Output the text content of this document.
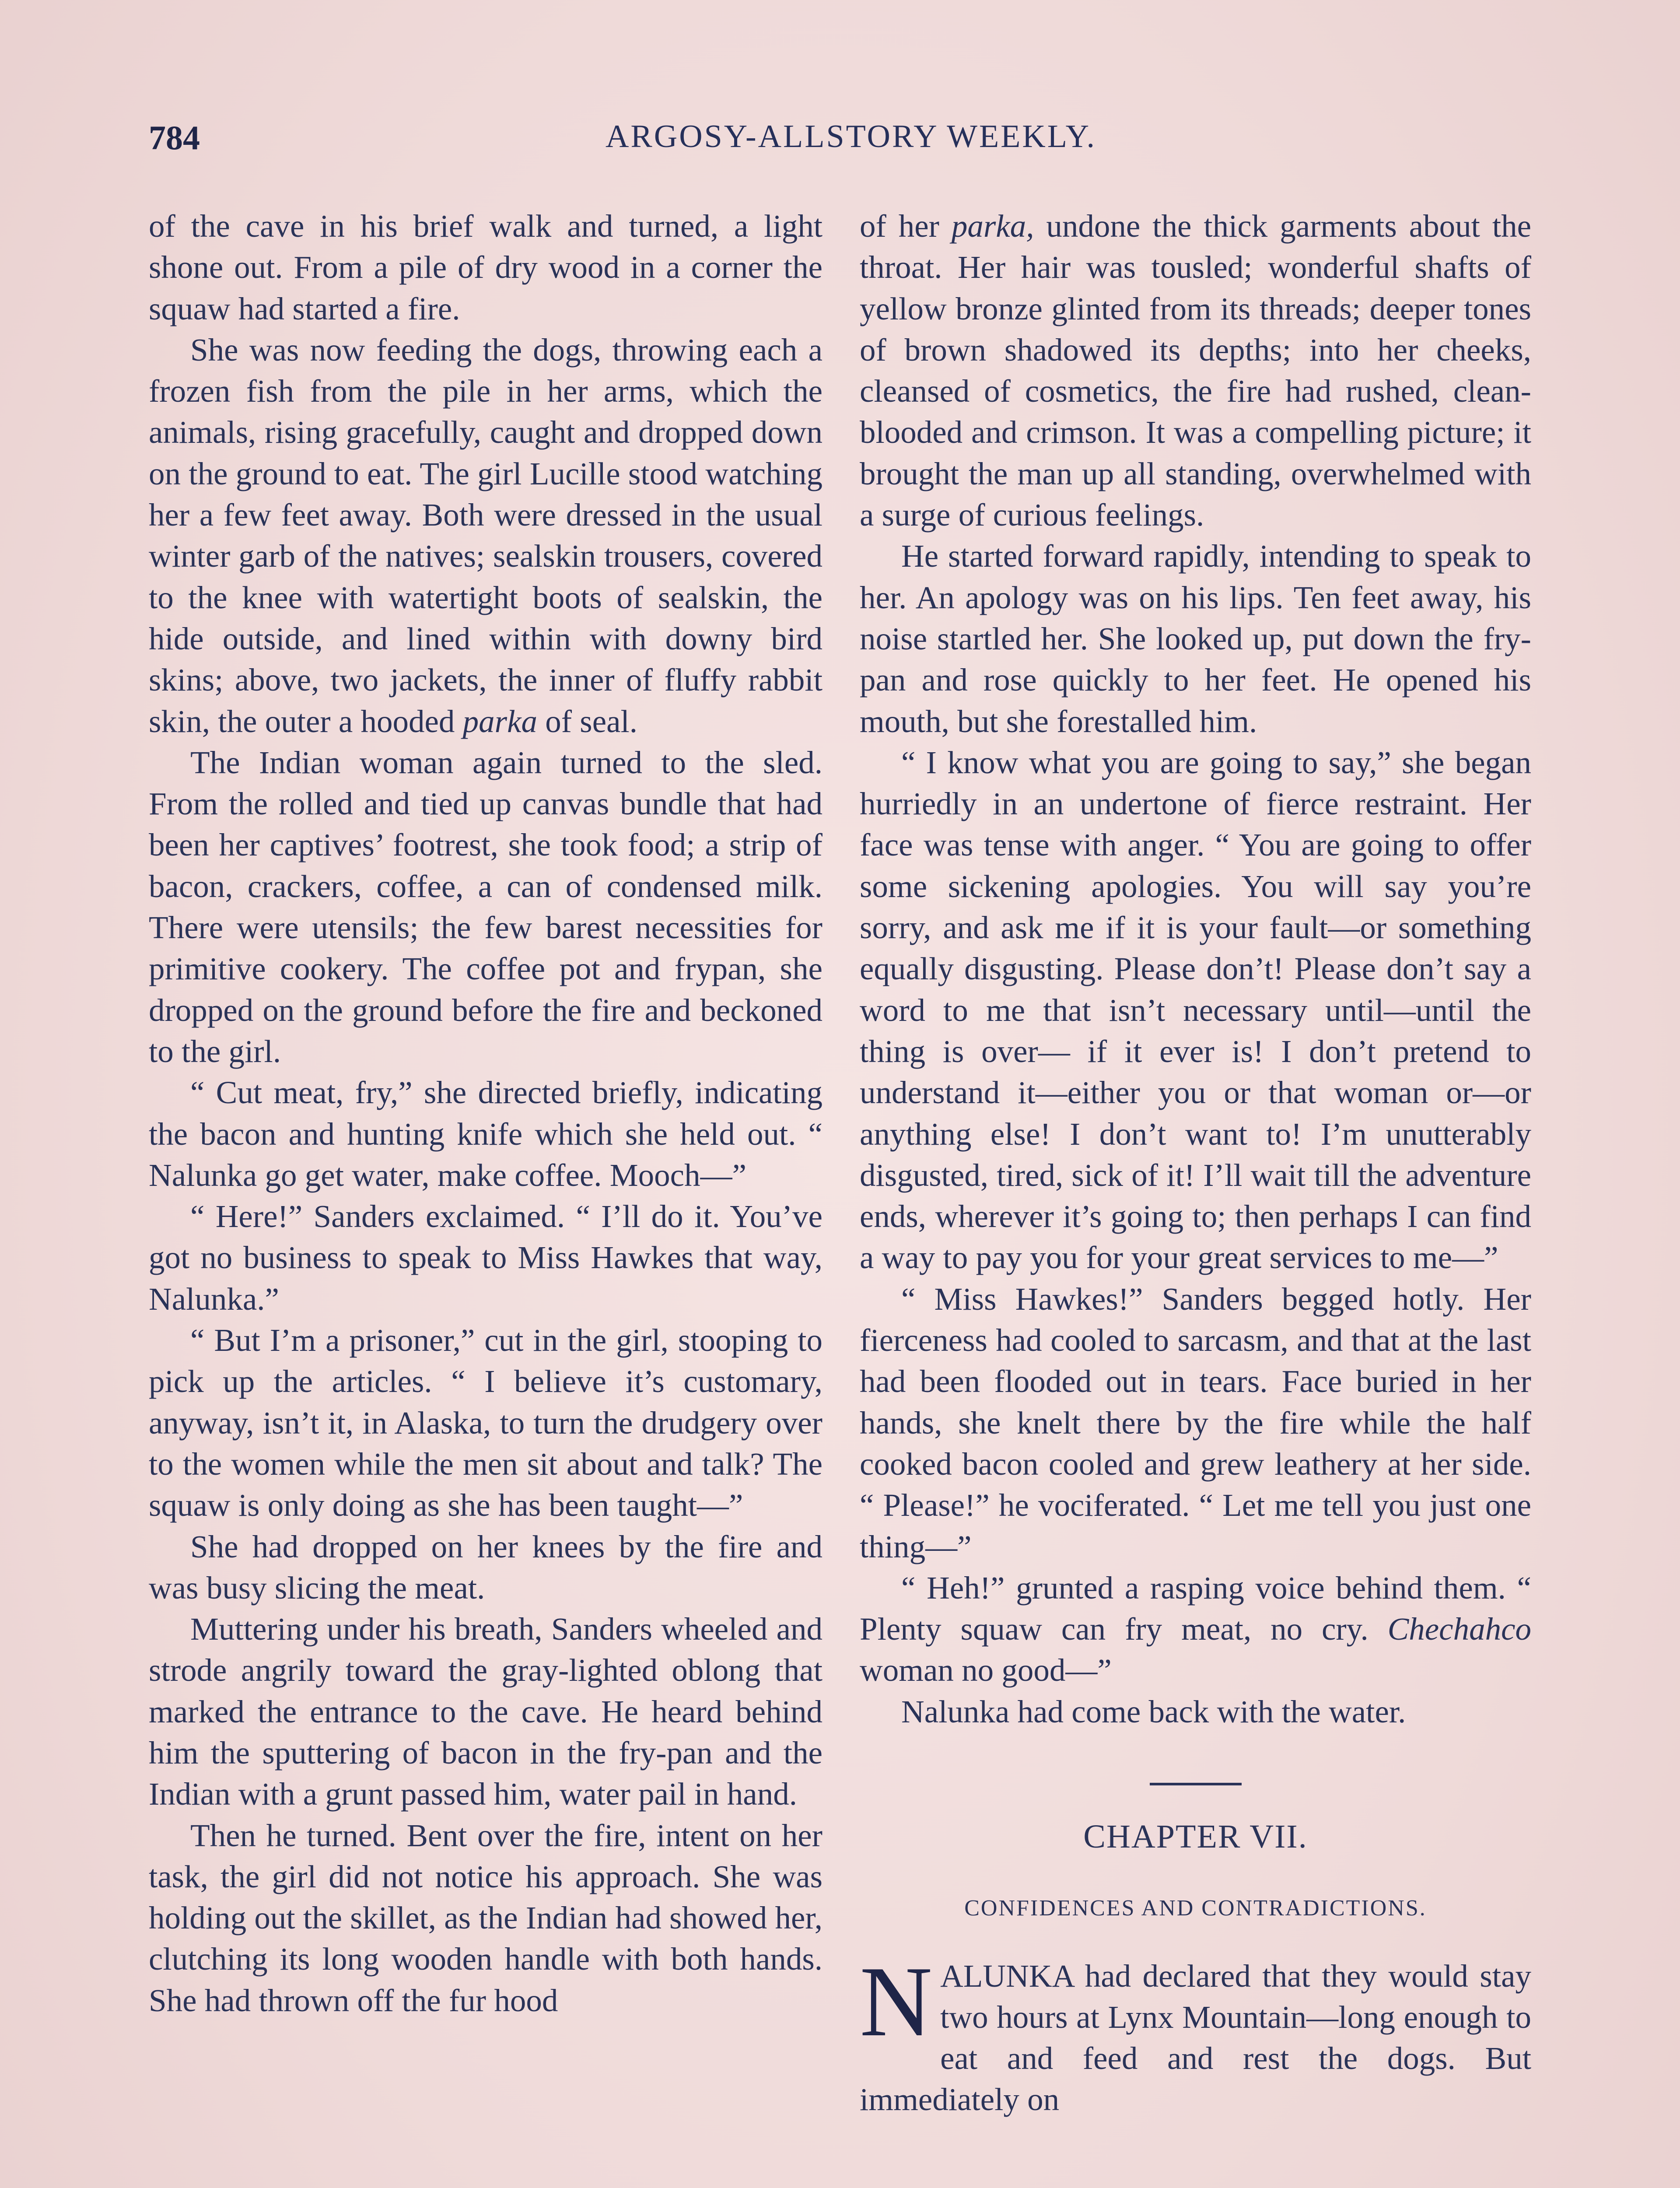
784	ARGOSY-ALLSTORY WEEKLY.

of the cave in his brief walk and turned, a light shone out. From a pile of dry wood in a corner the squaw had started a fire.

She was now feeding the dogs, throwing each a frozen fish from the pile in her arms, which the animals, rising gracefully, caught and dropped down on the ground to eat. The girl Lucille stood watching her a few feet away. Both were dressed in the usual winter garb of the natives; sealskin trousers, covered to the knee with watertight boots of sealskin, the hide outside, and lined within with downy bird skins; above, two jackets, the inner of fluffy rabbit skin, the outer a hooded parka of seal.

The Indian woman again turned to the sled. From the rolled and tied up canvas bundle that had been her captives’ footrest, she took food; a strip of bacon, crackers, coffee, a can of condensed milk. There were utensils; the few barest necessities for primitive cookery. The coffee pot and frypan, she dropped on the ground before the fire and beckoned to the girl.

“ Cut meat, fry,” she directed briefly, indicating the bacon and hunting knife which she held out. “ Nalunka go get water, make coffee. Mooch—”

“ Here!” Sanders exclaimed. “ I’ll do it. You’ve got no business to speak to Miss Hawkes that way, Nalunka.”

“ But I’m a prisoner,” cut in the girl, stooping to pick up the articles. “ I believe it’s customary, anyway, isn’t it, in Alaska, to turn the drudgery over to the women while the men sit about and talk? The squaw is only doing as she has been taught—”

She had dropped on her knees by the fire and was busy slicing the meat.

Muttering under his breath, Sanders wheeled and strode angrily toward the gray-lighted oblong that marked the entrance to the cave. He heard behind him the sputtering of bacon in the fry-pan and the Indian with a grunt passed him, water pail in hand.

Then he turned. Bent over the fire, intent on her task, the girl did not notice his approach. She was holding out the skillet, as the Indian had showed her, clutching its long wooden handle with both hands. She had thrown off the fur hood

of her parka, undone the thick garments about the throat. Her hair was tousled; wonderful shafts of yellow bronze glinted from its threads; deeper tones of brown shadowed its depths; into her cheeks, cleansed of cosmetics, the fire had rushed, clean-blooded and crimson. It was a compelling picture; it brought the man up all standing, overwhelmed with a surge of curious feelings.

He started forward rapidly, intending to speak to her. An apology was on his lips. Ten feet away, his noise startled her. She looked up, put down the fry-pan and rose quickly to her feet. He opened his mouth, but she forestalled him.

“ I know what you are going to say,” she began hurriedly in an undertone of fierce restraint. Her face was tense with anger. “ You are going to offer some sickening apologies. You will say you’re sorry, and ask me if it is your fault—or something equally disgusting. Please don’t! Please don’t say a word to me that isn’t necessary until—until the thing is over— if it ever is! I don’t pretend to understand it—either you or that woman or—or anything else! I don’t want to! I’m unutterably disgusted, tired, sick of it! I’ll wait till the adventure ends, wherever it’s going to; then perhaps I can find a way to pay you for your great services to me—”

“ Miss Hawkes!” Sanders begged hotly. Her fierceness had cooled to sarcasm, and that at the last had been flooded out in tears. Face buried in her hands, she knelt there by the fire while the half cooked bacon cooled and grew leathery at her side. “ Please!” he vociferated. “ Let me tell you just one thing—”

“ Heh!” grunted a rasping voice behind them. “ Plenty squaw can fry meat, no cry. Chechahco woman no good—”

Nalunka had come back with the water.

CHAPTER VII.
CONFIDENCES AND CONTRADICTIONS.

NALUNKA had declared that they would stay two hours at Lynx Mountain—long enough to eat and feed and rest the dogs. But immediately on
